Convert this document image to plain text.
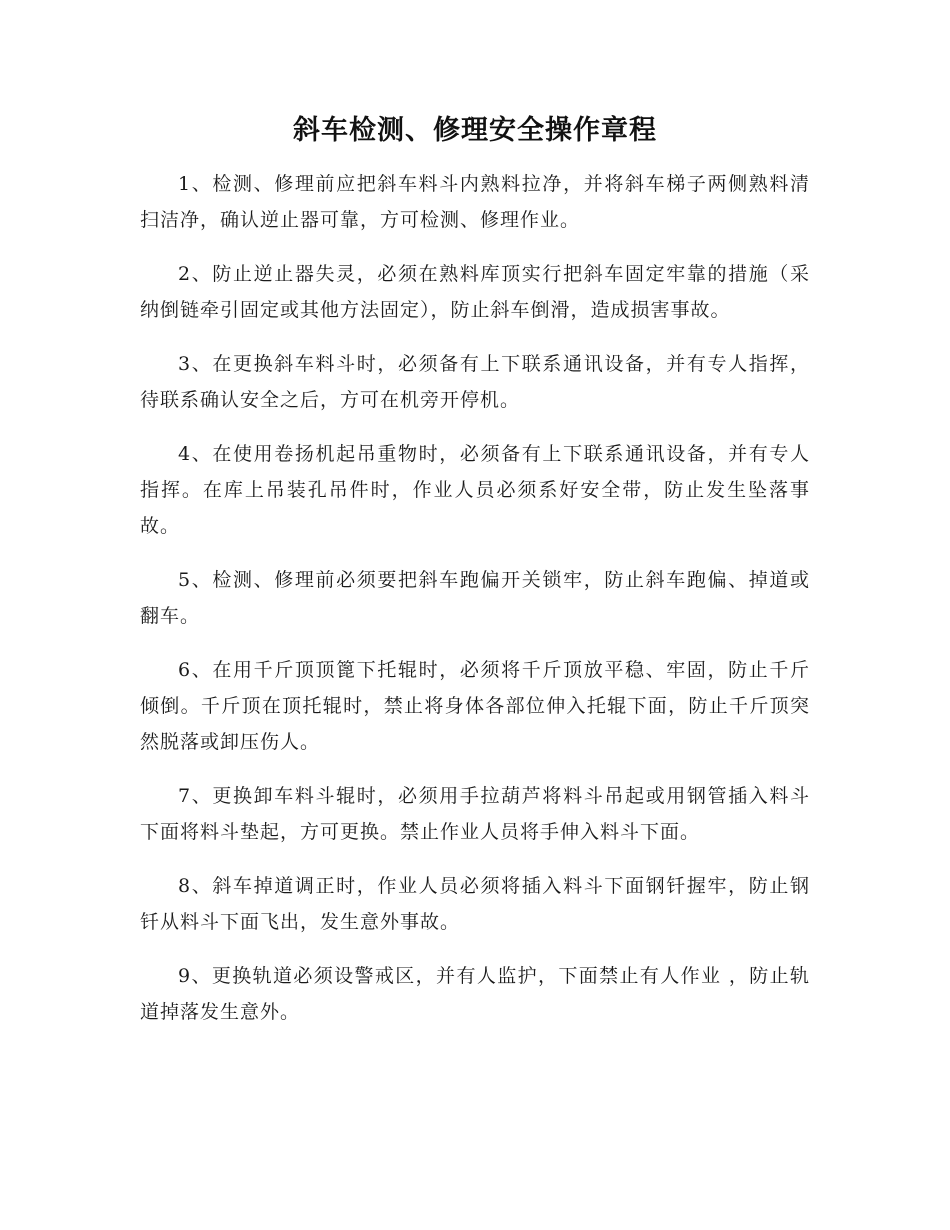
斜车检测、修理安全操作章程

1、检测、修理前应把斜车料斗内熟料拉净，并将斜车梯子两侧熟料清扫洁净，确认逆止器可靠，方可检测、修理作业。

2、防止逆止器失灵，必须在熟料库顶实行把斜车固定牢靠的措施（采纳倒链牵引固定或其他方法固定），防止斜车倒滑，造成损害事故。

3、在更换斜车料斗时，必须备有上下联系通讯设备，并有专人指挥，待联系确认安全之后，方可在机旁开停机。

4、在使用卷扬机起吊重物时，必须备有上下联系通讯设备，并有专人指挥。在库上吊装孔吊件时，作业人员必须系好安全带，防止发生坠落事故。

5、检测、修理前必须要把斜车跑偏开关锁牢，防止斜车跑偏、掉道或翻车。

6、在用千斤顶顶篦下托辊时，必须将千斤顶放平稳、牢固，防止千斤倾倒。千斤顶在顶托辊时，禁止将身体各部位伸入托辊下面，防止千斤顶突然脱落或卸压伤人。

7、更换卸车料斗辊时，必须用手拉葫芦将料斗吊起或用钢管插入料斗下面将料斗垫起，方可更换。禁止作业人员将手伸入料斗下面。

8、斜车掉道调正时，作业人员必须将插入料斗下面钢钎握牢，防止钢钎从料斗下面飞出，发生意外事故。

9、更换轨道必须设警戒区，并有人监护，下面禁止有人作业 ，防止轨道掉落发生意外。
